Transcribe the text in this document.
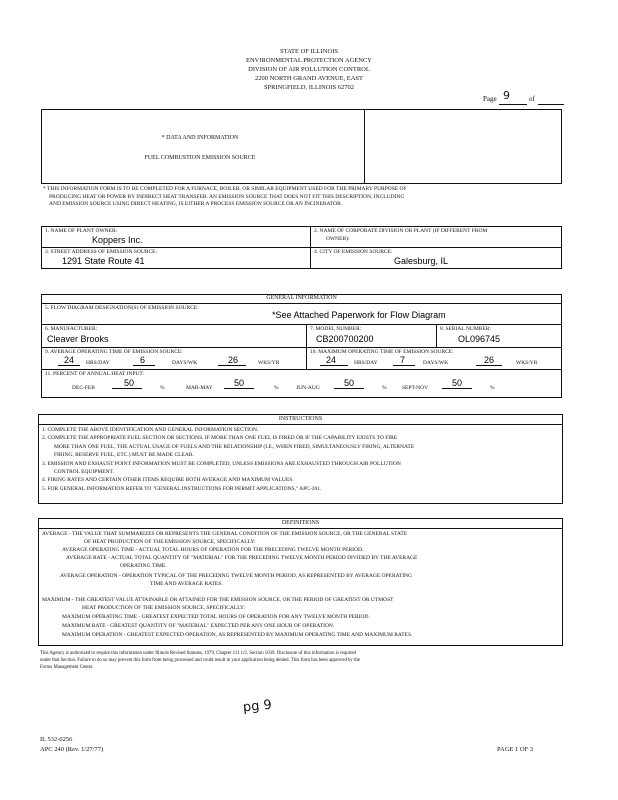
STATE OF ILLINOIS
ENVIRONMENTAL PROTECTION AGENCY
DIVISION OF AIR POLLUTION CONTROL
2200 NORTH GRAND AVENUE, EAST
SPRINGFIELD, ILLINOIS 62702
Page 9	of
* DATA AND INFORMATION
FUEL COMBUSTION EMISSION SOURCE
* THIS INFORMATION FORM IS TO BE COMPLETED FOR A FURNACE, BOILER, OR SIMILAR EQUIPMENT USED FOR THE PRIMARY PURPOSE OF
PRODUCING HEAT OR POWER BY INDIRECT HEAT TRANSFER. AN EMISSION SOURCE THAT DOES NOT FIT THIS DESCRIPTION, INCLUDING
AND EMISSION SOURCE USING DIRECT HEATING, IS EITHER A PROCESS EMISSION SOURCE OR AN INCINERATOR.
1. NAME OF PLANT OWNER:
Koppers Inc.
2. NAME OF CORPORATE DIVISION OR PLANT (IF DIFFERENT FROM
OWNER):
3. STREET ADDRESS OF EMISSION SOURCE:
1291 State Route 41
4. CITY OF EMISSION SOURCE:
Galesburg, IL
GENERAL INFORMATION
5. FLOW DIAGRAM DESIGNATION(S) OF EMISSION SOURCE:
*See Attached Paperwork for Flow Diagram
6. MANUFACTURER:
Cleaver Brooks
7. MODEL NUMBER:
CB200700200
8. SERIAL NUMBER:
OL096745
9. AVERAGE OPERATING TIME OF EMISSION SOURCE:
24 HRS/DAY	6	DAYS/WK	26	WKS/YR
10. MAXIMUM OPERATING TIME OF EMISSION SOURCE:
24	HRS/DAY 7	DAYS/WK	26	WKS/YR
11. PERCENT OF ANNUAL HEAT INPUT:
DEC-FEB	50	%	MAR-MAY 50	%	JUN-AUG	50	%	SEPT-NOV	50	%
INSTRUCTIONS
1. COMPLETE THE ABOVE IDENTIFICATION AND GENERAL INFORMATION SECTION.
2. COMPLETE THE APPROPRIATE FUEL SECTION OR SECTIONS. IF MORE THAN ONE FUEL IS FIRED OR IF THE CAPABILITY EXISTS TO FIRE
MORE THAN ONE FUEL, THE ACTUAL USAGE OF FUELS AND THE RELATIONSHIP (I.E., WHEN FIRED, SIMULTANEOUSLY FIRING, ALTERNATE
FIRING, RESERVE FUEL, ETC.) MUST BE MADE CLEAR.
3. EMISSION AND EXHAUST POINT INFORMATION MUST BE COMPLETED, UNLESS EMISSIONS ARE EXHAUSTED THROUGH AIR POLLUTION
CONTROL EQUIPMENT.
4. FIRING RATES AND CERTAIN OTHER ITEMS REQUIRE BOTH AVERAGE AND MAXIMUM VALUES.
5. FOR GENERAL INFORMATION REFER TO "GENERAL INSTRUCTIONS FOR PERMIT APPLICATIONS," APC-201.
DEFINITIONS
AVERAGE - THE VALUE THAT SUMMARIZES OR REPRESENTS THE GENERAL CONDITION OF THE EMISSION SOURCE, OR THE GENERAL STATE
OF HEAT PRODUCTION OF THE EMISSION SOURCE, SPECIFICALLY:
AVERAGE OPERATING TIME - ACTUAL TOTAL HOURS OF OPERATION FOR THE PRECEDING TWELVE MONTH PERIOD.
AVERAGE RATE - ACTUAL TOTAL QUANTITY OF "MATERIAL" FOR THE PRECEDING TWELVE MONTH PERIOD DIVIDED BY THE AVERAGE
OPERATING TIME.
AVERAGE OPERATION - OPERATION TYPICAL OF THE PRECEDING TWELVE MONTH PERIOD, AS REPRESENTED BY AVERAGE OPERATING
TIME AND AVERAGE RATES.
MAXIMUM - THE GREATEST VALUE ATTAINABLE OR ATTAINED FOR THE EMISSION SOURCE, OR THE PERIOD OF GREATEST OR UTMOST
HEAT PRODUCTION OF THE EMISSION SOURCE, SPECIFICALLY:
MAXIMUM OPERATING TIME - GREATEST EXPECTED TOTAL HOURS OF OPERATION FOR ANY TWELVE MONTH PERIOD.
MAXIMUM RATE - GREATEST QUANTITY OF "MATERIAL" EXPECTED PER ANY ONE HOUR OF OPERATION.
MAXIMUM OPERATION - GREATEST EXPECTED OPERATION, AS REPRESENTED BY MAXIMUM OPERATING TIME AND MAXIMUM RATES.
This Agency is authorized to require this information under Illinois Revised Statutes, 1979, Chapter 111 1/2, Section 1039. Disclosure of this information is required
under that Section. Failure to do so may prevent this form from being processed and could result in your application being denied. This form has been approved by the
Forms Management Center.
pg 9
IL 532-0256
APC 240 (Rev. 1/27/77)	PAGE 1 OF 3
